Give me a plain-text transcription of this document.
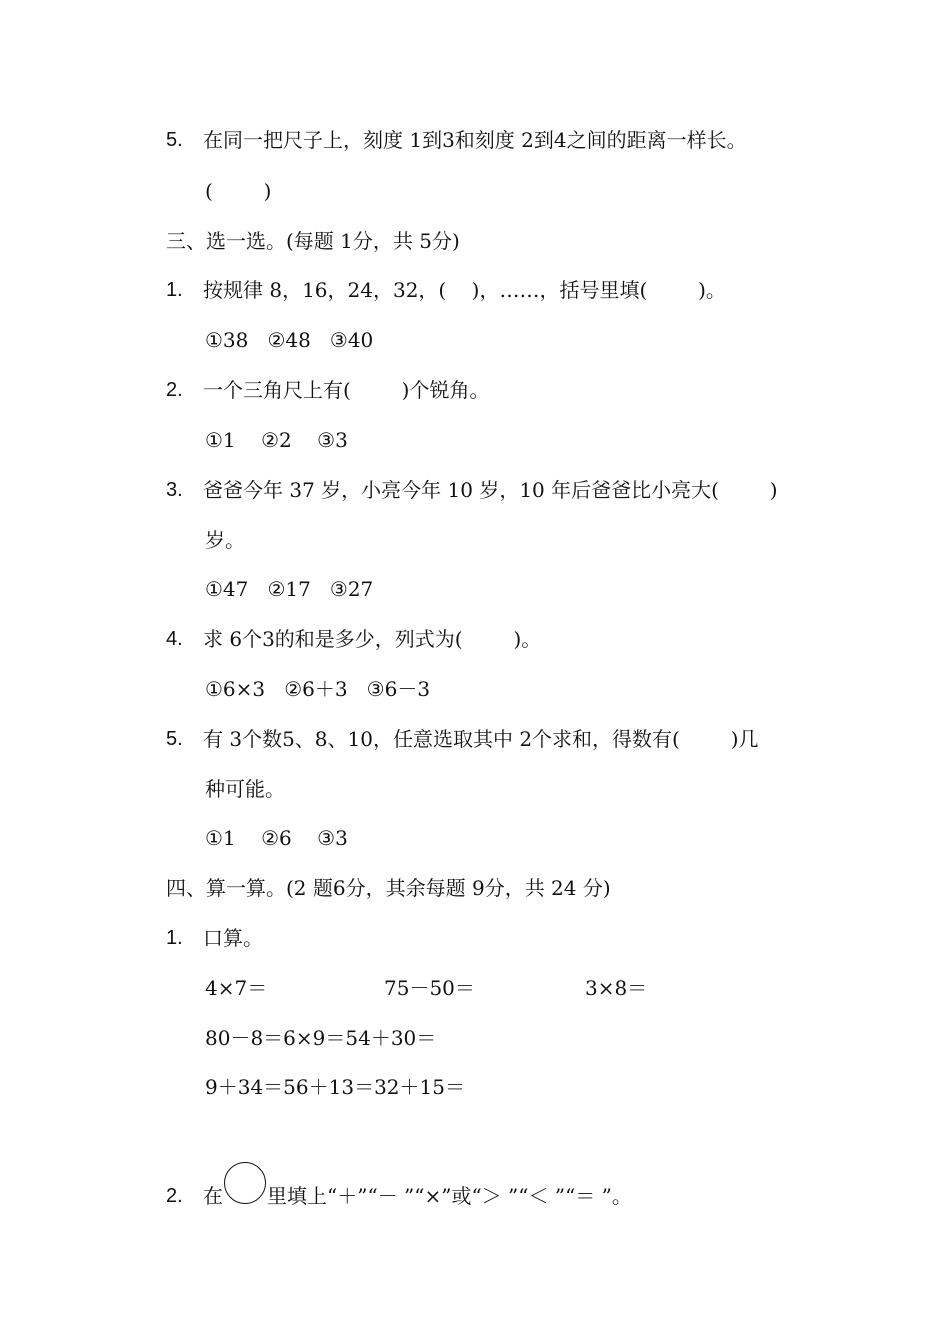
5. 在同一把尺子上，刻度 1到3和刻度 2到4之间的距离一样长。
(        )
三、选一选。(每题 1分，共 5分)
1. 按规律 8，16，24，32，(    )，……，括号里填(        )。
①38   ②48   ③40
2. 一个三角尺上有(        )个锐角。
①1    ②2    ③3
3. 爸爸今年 37 岁，小亮今年 10 岁，10 年后爸爸比小亮大(        )
岁。
①47   ②17   ③27
4. 求 6个3的和是多少，列式为(        )。
①6×3   ②6＋3   ③6－3
5. 有 3个数5、8、10，任意选取其中 2个求和，得数有(        )几
种可能。
①1    ②6    ③3
四、算一算。(2 题6分，其余每题 9分，共 24 分)
1. 口算。
4×7＝	75－50＝	3×8＝
80－8＝6×9＝54＋30＝
9＋34＝56＋13＝32＋15＝
2. 在 里填上“＋”“－ ”“×”或“＞ ”“＜ ”“＝ ”。
